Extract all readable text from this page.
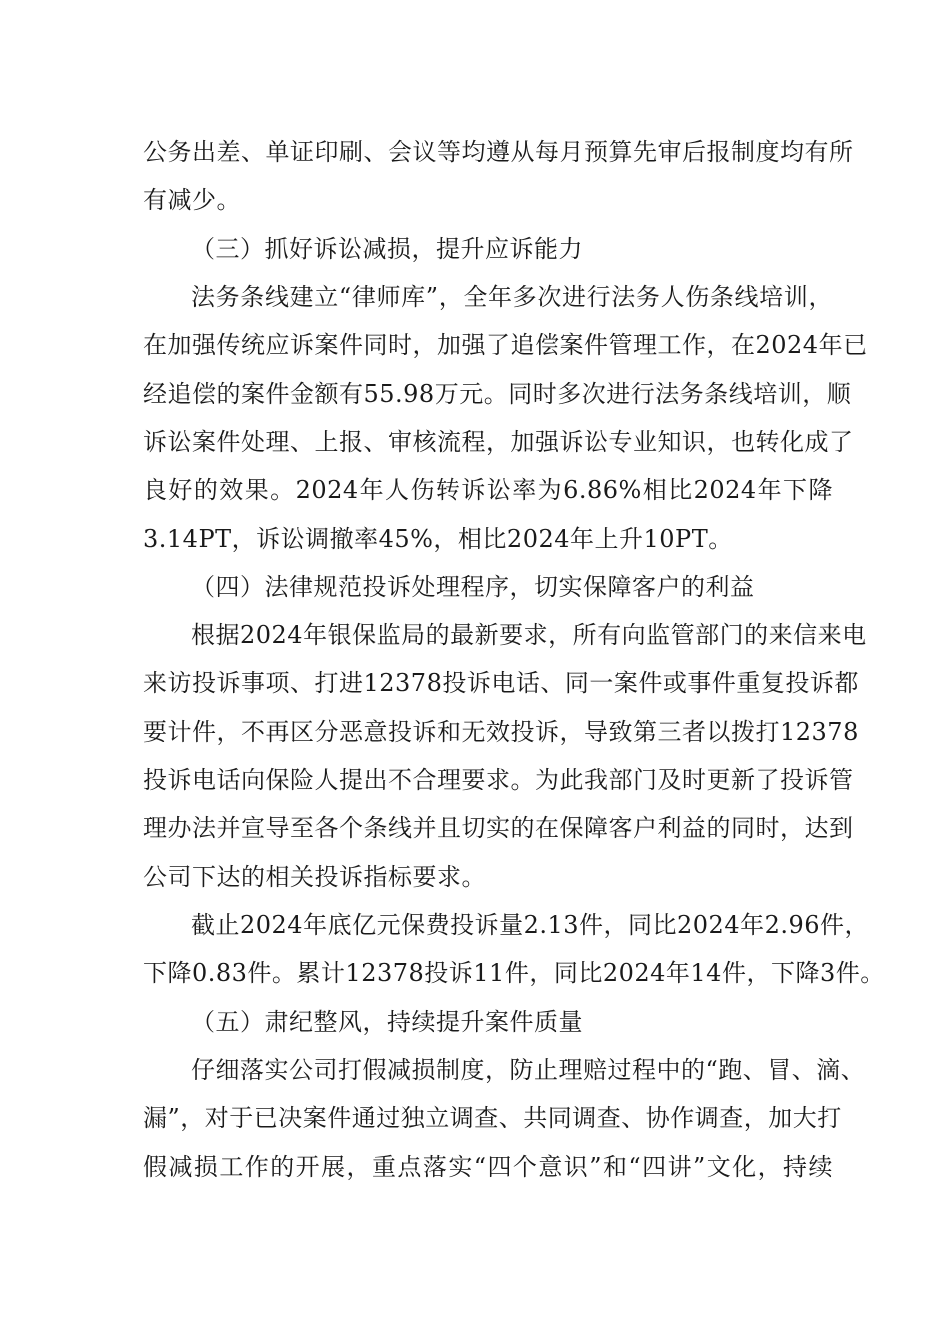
公务出差、单证印刷、会议等均遵从每月预算先审后报制度均有所
有减少。
（三）抓好诉讼减损，提升应诉能力
法务条线建立“律师库”，全年多次进行法务人伤条线培训，
在加强传统应诉案件同时，加强了追偿案件管理工作，在2024年已
经追偿的案件金额有55.98万元。同时多次进行法务条线培训，顺
诉讼案件处理、上报、审核流程，加强诉讼专业知识，也转化成了
良好的效果。2024年人伤转诉讼率为6.86%相比2024年下降
3.14PT，诉讼调撤率45%，相比2024年上升10PT。
（四）法律规范投诉处理程序，切实保障客户的利益
根据2024年银保监局的最新要求，所有向监管部门的来信来电
来访投诉事项、打进12378投诉电话、同一案件或事件重复投诉都
要计件，不再区分恶意投诉和无效投诉，导致第三者以拨打12378
投诉电话向保险人提出不合理要求。为此我部门及时更新了投诉管
理办法并宣导至各个条线并且切实的在保障客户利益的同时，达到
公司下达的相关投诉指标要求。
截止2024年底亿元保费投诉量2.13件，同比2024年2.96件，
下降0.83件。累计12378投诉11件，同比2024年14件，下降3件。
（五）肃纪整风，持续提升案件质量
仔细落实公司打假减损制度，防止理赔过程中的“跑、冒、滴、
漏”，对于已决案件通过独立调查、共同调查、协作调查，加大打
假减损工作的开展，重点落实“四个意识”和“四讲”文化，持续
